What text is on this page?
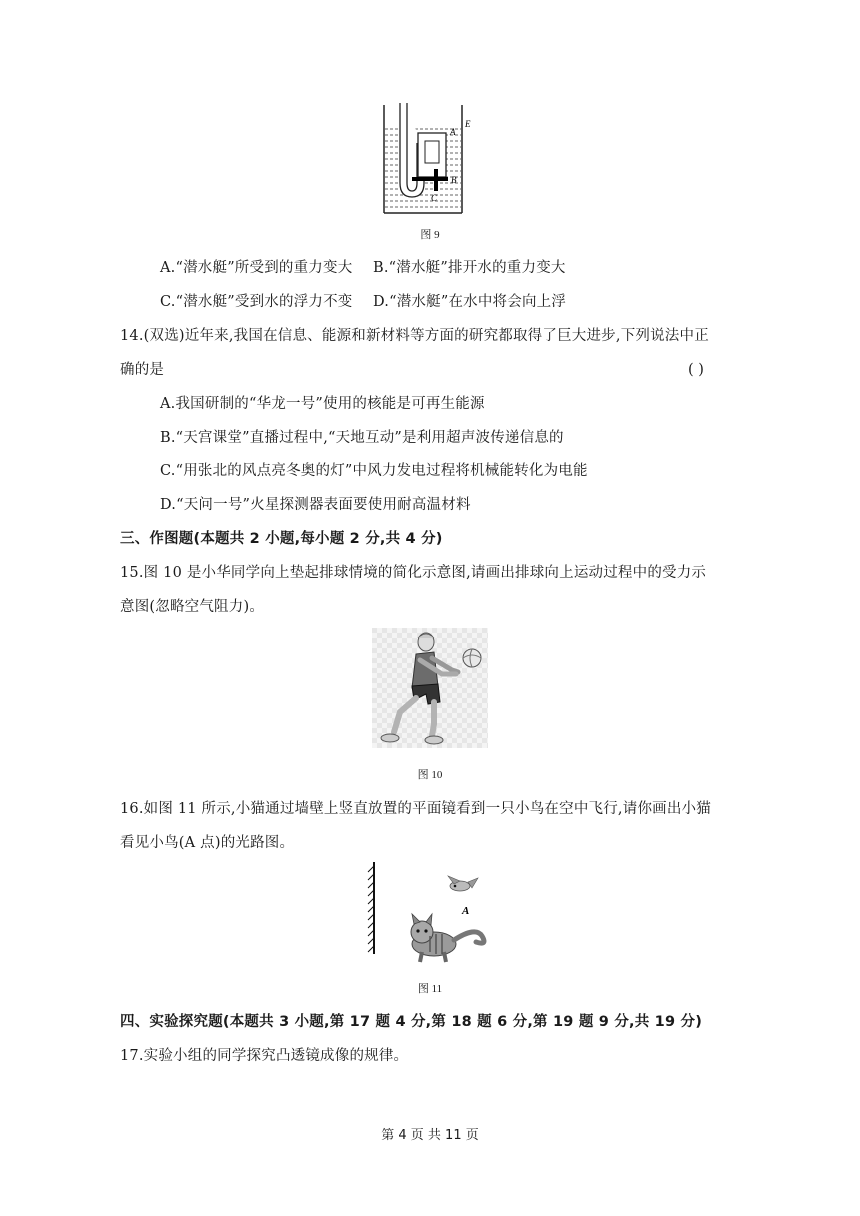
A
E
B
C
图 9
A.“潜水艇”所受到的重力变大 B.“潜水艇”排开水的重力变大
C.“潜水艇”受到水的浮力不变 D.“潜水艇”在水中将会向上浮
14.(双选)近年来,我国在信息、能源和新材料等方面的研究都取得了巨大进步,下列说法中正
确的是	( )
A.我国研制的“华龙一号”使用的核能是可再生能源
B.“天宫课堂”直播过程中,“天地互动”是利用超声波传递信息的
C.“用张北的风点亮冬奥的灯”中风力发电过程将机械能转化为电能
D.“天问一号”火星探测器表面要使用耐高温材料
三、作图题(本题共 2 小题,每小题 2 分,共 4 分)
15.图 10 是小华同学向上垫起排球情境的简化示意图,请画出排球向上运动过程中的受力示
意图(忽略空气阻力)。
图 10
16.如图 11 所示,小猫通过墙壁上竖直放置的平面镜看到一只小鸟在空中飞行,请你画出小猫
看见小鸟(A 点)的光路图。
A
图 11
四、实验探究题(本题共 3 小题,第 17 题 4 分,第 18 题 6 分,第 19 题 9 分,共 19 分)
17.实验小组的同学探究凸透镜成像的规律。
第 4 页 共 11 页
